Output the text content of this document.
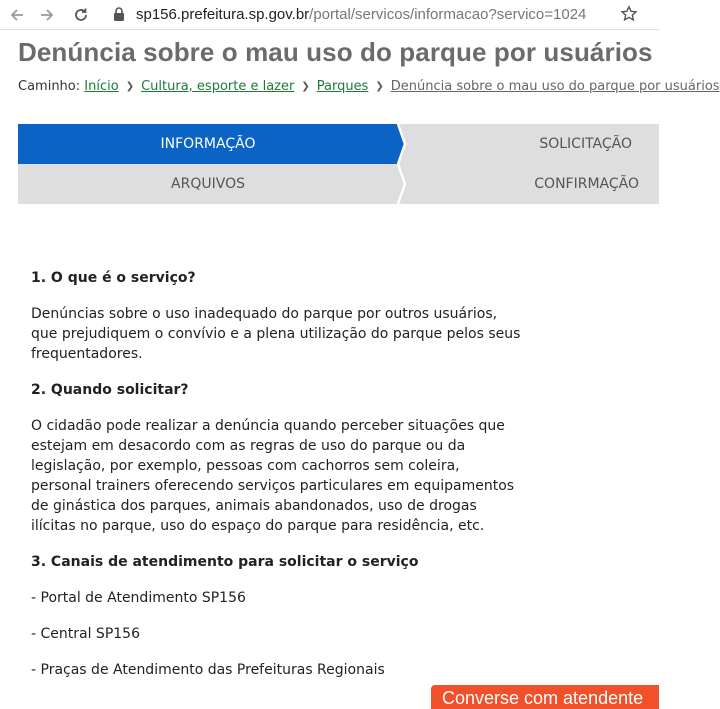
sp156.prefeitura.sp.gov.br/portal/servicos/informacao?servico=1024
Denúncia sobre o mau uso do parque por usuários
Caminho: Início ❯ Cultura, esporte e lazer ❯ Parques ❯ Denúncia sobre o mau uso do parque por usuários
INFORMAÇÃO
ARQUIVOS
SOLICITAÇÃO
CONFIRMAÇÃO
1. O que é o serviço?

Denúncias sobre o uso inadequado do parque por outros usuários, que prejudiquem o convívio e a plena utilização do parque pelos seus frequentadores.

2. Quando solicitar?

O cidadão pode realizar a denúncia quando perceber situações que estejam em desacordo com as regras de uso do parque ou da legislação, por exemplo, pessoas com cachorros sem coleira, personal trainers oferecendo serviços particulares em equipamentos de ginástica dos parques, animais abandonados, uso de drogas ilícitas no parque, uso do espaço do parque para residência, etc.

3. Canais de atendimento para solicitar o serviço
- Portal de Atendimento SP156
- Central SP156
- Praças de Atendimento das Prefeituras Regionais
Converse com atendente
